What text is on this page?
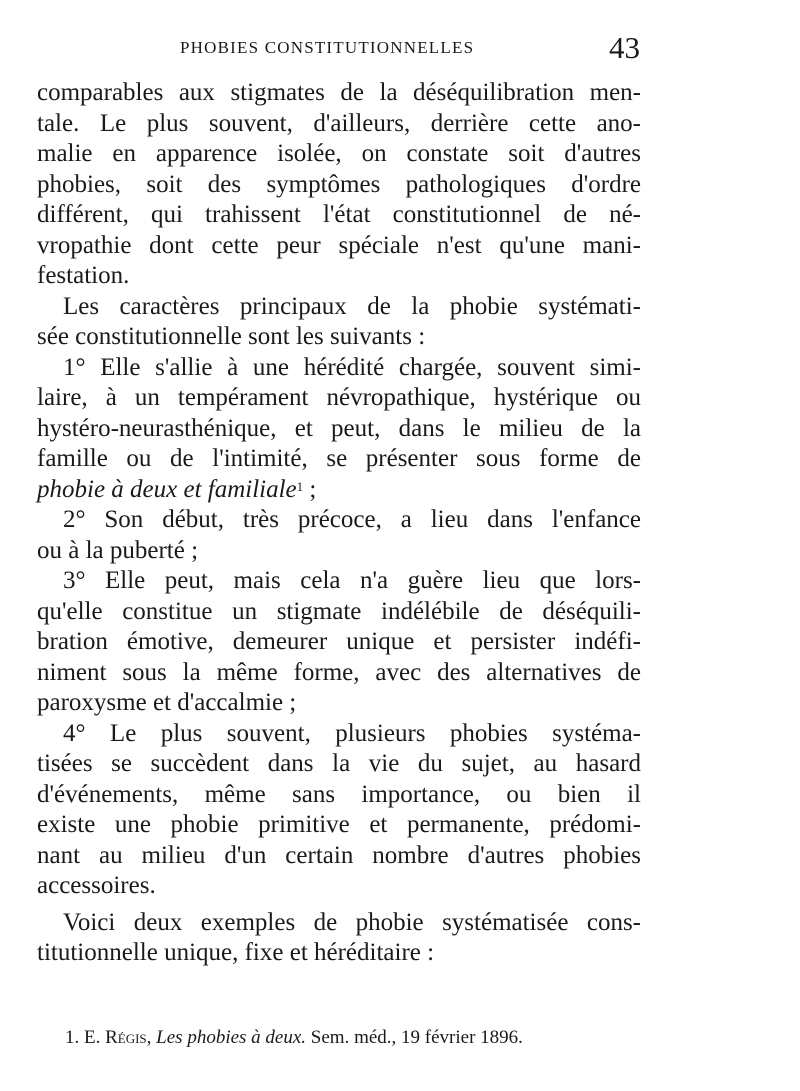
PHOBIES CONSTITUTIONNELLES	43
comparables aux stigmates de la déséquilibration men-
tale. Le plus souvent, d'ailleurs, derrière cette ano-
malie en apparence isolée, on constate soit d'autres
phobies, soit des symptômes pathologiques d'ordre
différent, qui trahissent l'état constitutionnel de né-
vropathie dont cette peur spéciale n'est qu'une mani-
festation.
Les caractères principaux de la phobie systémati-
sée constitutionnelle sont les suivants :
1° Elle s'allie à une hérédité chargée, souvent simi-
laire, à un tempérament névropathique, hystérique ou
hystéro-neurasthénique, et peut, dans le milieu de la
famille ou de l'intimité, se présenter sous forme de
phobie à deux et familiale$^1$ ;
2° Son début, très précoce, a lieu dans l'enfance
ou à la puberté ;
3° Elle peut, mais cela n'a guère lieu que lors-
qu'elle constitue un stigmate indélébile de déséquili-
bration émotive, demeurer unique et persister indéfi-
niment sous la même forme, avec des alternatives de
paroxysme et d'accalmie ;
4° Le plus souvent, plusieurs phobies systéma-
tisées se succèdent dans la vie du sujet, au hasard
d'événements, même sans importance, ou bien il
existe une phobie primitive et permanente, prédomi-
nant au milieu d'un certain nombre d'autres phobies
accessoires.
Voici deux exemples de phobie systématisée cons-
titutionnelle unique, fixe et héréditaire :
1. E. Régis, Les phobies à deux. Sem. méd., 19 février 1896.
